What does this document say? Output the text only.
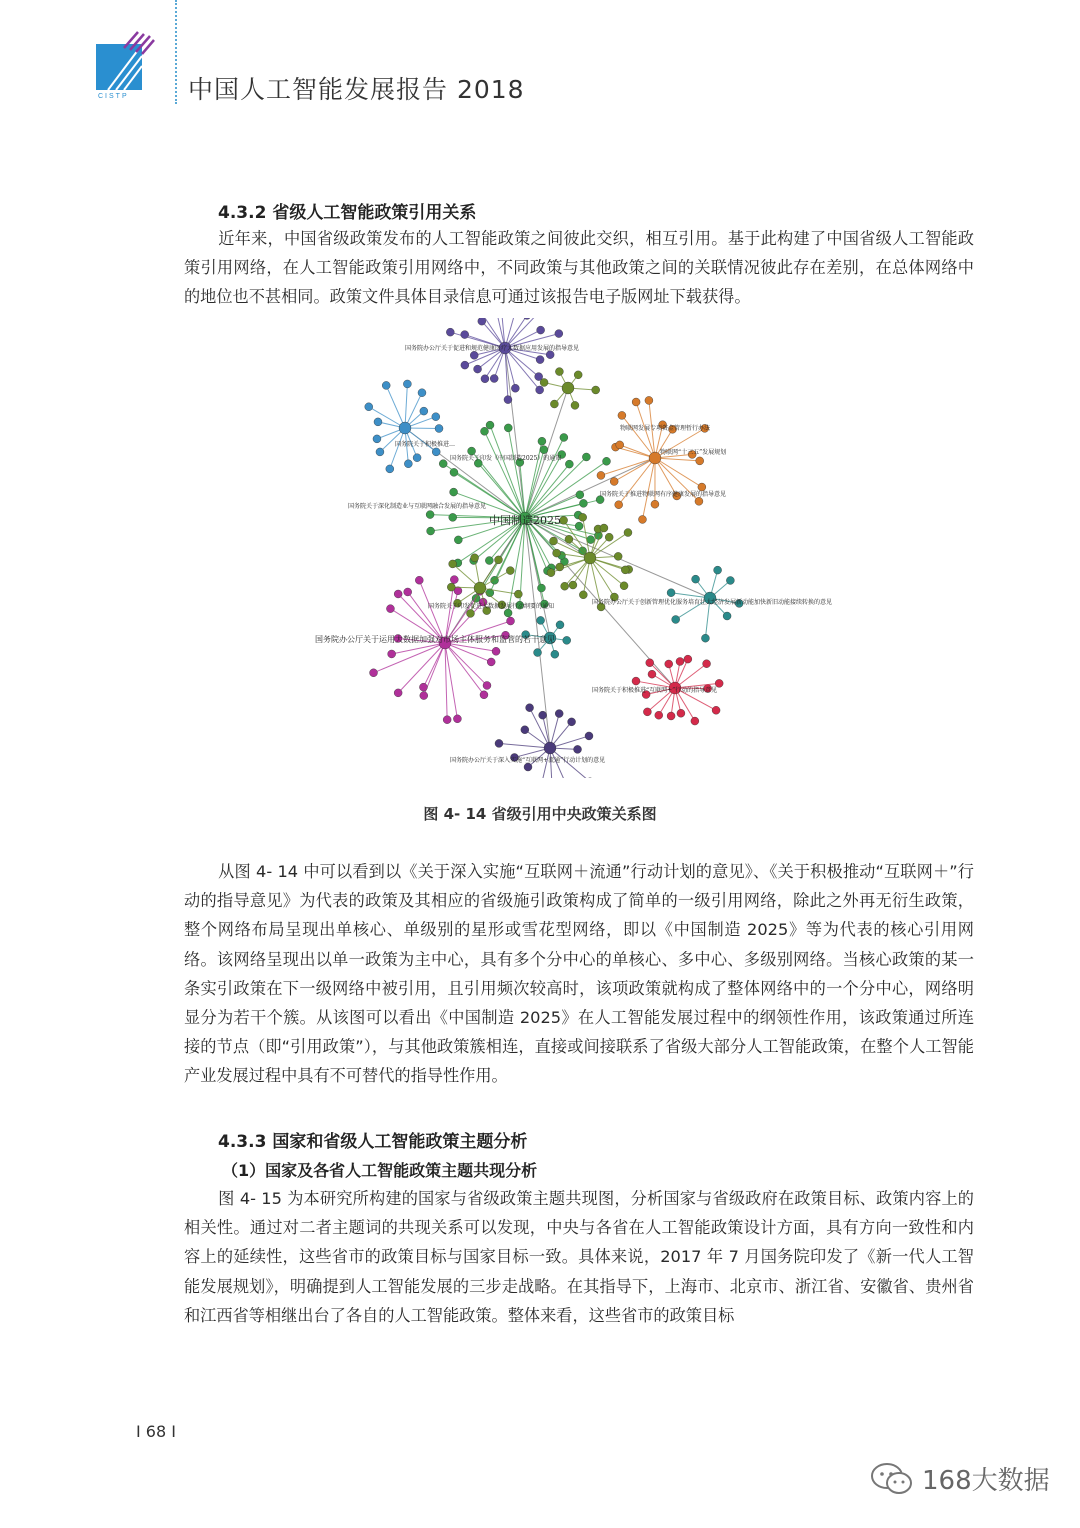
CISTP 中国人工智能发展报告 2018
4.3.2 省级人工智能政策引用关系

近年来，中国省级政策发布的人工智能政策之间彼此交织，相互引用。基于此构建了中国省级人工智能政策引用网络，在人工智能政策引用网络中，不同政策与其他政策之间的关联情况彼此存在差别，在总体网络中的地位也不甚相同。政策文件具体目录信息可通过该报告电子版网址下载获得。

国务院办公厅关于促进和规范健康医疗大数据应用发展的指导意见
中国制造2025
国务院关于印发《中国制造2025》的通知
国务院关于深化制造业与互联网融合发展的指导意见
国务院关于积极推进…
物联网发展专项资金管理暂行办法
物联网“十三五”发展规划
国务院关于推进物联网有序健康发展的指导意见
国务院关于印发促进大数据发展行动纲要的通知
国务院办公厅关于创新管理优化服务培育壮大经济发展新动能加快新旧动能接续转换的意见
国务院办公厅关于运用大数据加强对市场主体服务和监管的若干意见
国务院关于积极推进“互联网+”行动的指导意见
国务院办公厅关于深入实施“互联网+流通”行动计划的意见
图 4- 14 省级引用中央政策关系图

从图 4- 14 中可以看到以《关于深入实施“互联网＋流通”行动计划的意见》、《关于积极推动“互联网＋”行动的指导意见》为代表的政策及其相应的省级施引政策构成了简单的一级引用网络，除此之外再无衍生政策，整个网络布局呈现出单核心、单级别的星形或雪花型网络，即以《中国制造 2025》等为代表的核心引用网络。该网络呈现出以单一政策为主中心，具有多个分中心的单核心、多中心、多级别网络。当核心政策的某一条实引政策在下一级网络中被引用，且引用频次较高时，该项政策就构成了整体网络中的一个分中心，网络明显分为若干个簇。从该图可以看出《中国制造 2025》在人工智能发展过程中的纲领性作用，该政策通过所连接的节点（即“引用政策”），与其他政策簇相连，直接或间接联系了省级大部分人工智能政策，在整个人工智能产业发展过程中具有不可替代的指导性作用。

4.3.3 国家和省级人工智能政策主题分析
（1）国家及各省人工智能政策主题共现分析

图 4- 15 为本研究所构建的国家与省级政策主题共现图，分析国家与省级政府在政策目标、政策内容上的相关性。通过对二者主题词的共现关系可以发现，中央与各省在人工智能政策设计方面，具有方向一致性和内容上的延续性，这些省市的政策目标与国家目标一致。具体来说，2017 年 7 月国务院印发了《新一代人工智能发展规划》，明确提到人工智能发展的三步走战略。在其指导下，上海市、北京市、浙江省、安徽省、贵州省和江西省等相继出台了各自的人工智能政策。整体来看，这些省市的政策目标

I 68 I
168大数据
